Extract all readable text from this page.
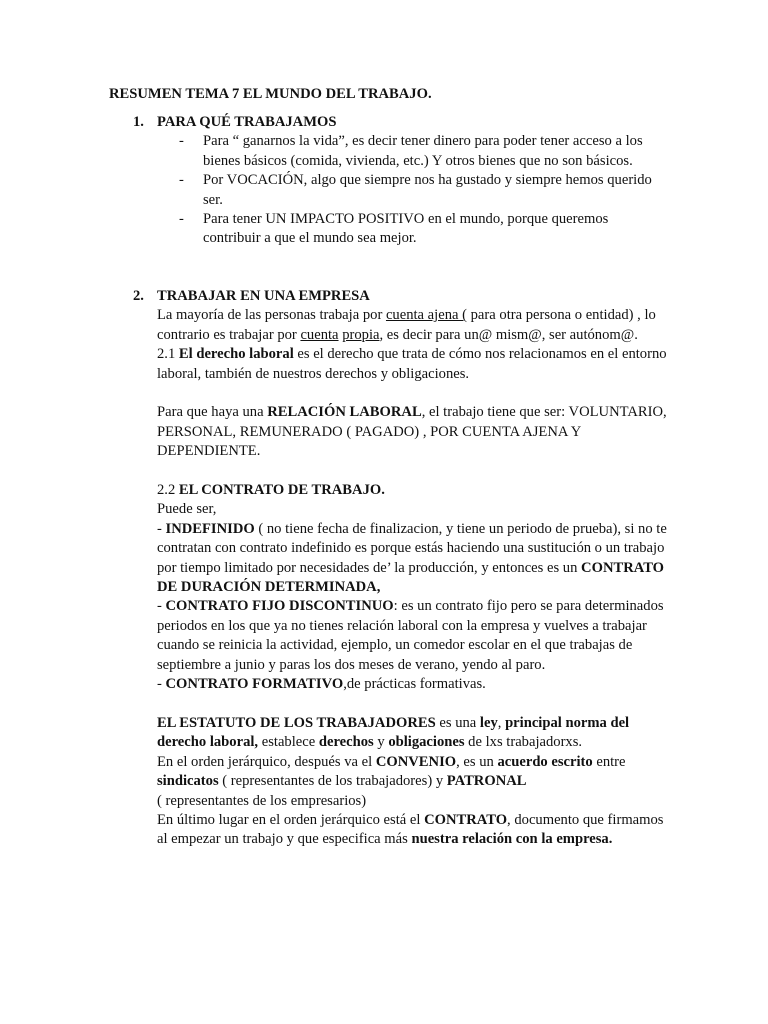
RESUMEN TEMA 7 EL MUNDO DEL TRABAJO.
1. PARA QUÉ TRABAJAMOS
- Para “ ganarnos la vida”, es decir tener dinero para poder tener acceso a los bienes básicos (comida, vivienda, etc.) Y otros bienes que no son básicos.
- Por VOCACIÓN, algo que siempre nos ha gustado y siempre hemos querido ser.
- Para tener UN IMPACTO POSITIVO en el mundo, porque queremos contribuir a que el mundo sea mejor.
2. TRABAJAR EN UNA EMPRESA

La mayoría de las personas trabaja por cuenta ajena ( para otra persona o entidad) , lo contrario es trabajar por cuenta propia, es decir para un@ mism@, ser autónom@.

2.1 El derecho laboral es el derecho que trata de cómo nos relacionamos en el entorno laboral, también de nuestros derechos y obligaciones.

Para que haya una RELACIÓN LABORAL, el trabajo tiene que ser: VOLUNTARIO, PERSONAL, REMUNERADO ( PAGADO) , POR CUENTA AJENA Y DEPENDIENTE.

2.2 EL CONTRATO DE TRABAJO.

Puede ser,

- INDEFINIDO ( no tiene fecha de finalizacion, y tiene un periodo de prueba), si no te contratan con contrato indefinido es porque estás haciendo una sustitución o un trabajo por tiempo limitado por necesidades de’ la producción, y entonces es un CONTRATO DE DURACIÓN DETERMINADA,

- CONTRATO FIJO DISCONTINUO: es un contrato fijo pero se para determinados periodos en los que ya no tienes relación laboral con la empresa y vuelves a trabajar cuando se reinicia la actividad, ejemplo, un comedor escolar en el que trabajas de septiembre a junio y paras los dos meses de verano, yendo al paro.

- CONTRATO FORMATIVO,de prácticas formativas.

EL ESTATUTO DE LOS TRABAJADORES es una ley, principal norma del derecho laboral, establece derechos y obligaciones de lxs trabajadorxs.

En el orden jerárquico, después va el CONVENIO, es un acuerdo escrito entre sindicatos ( representantes de los trabajadores) y PATRONAL

( representantes de los empresarios)

En último lugar en el orden jerárquico está el CONTRATO, documento que firmamos al empezar un trabajo y que especifica más nuestra relación con la empresa.
